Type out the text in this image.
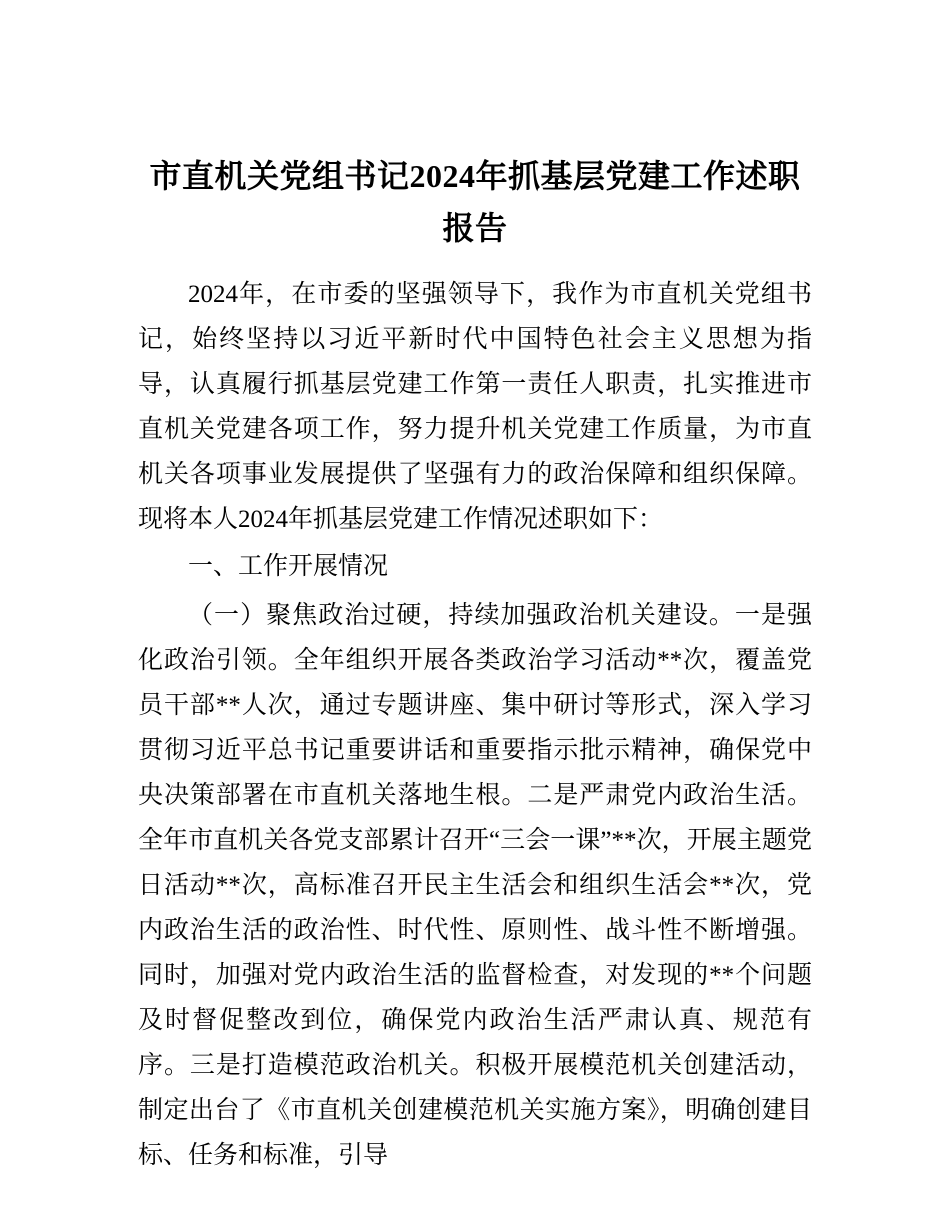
市直机关党组书记2024年抓基层党建工作述职报告

2024年，在市委的坚强领导下，我作为市直机关党组书记，始终坚持以习近平新时代中国特色社会主义思想为指导，认真履行抓基层党建工作第一责任人职责，扎实推进市直机关党建各项工作，努力提升机关党建工作质量，为市直机关各项事业发展提供了坚强有力的政治保障和组织保障。现将本人2024年抓基层党建工作情况述职如下：

一、工作开展情况

（一）聚焦政治过硬，持续加强政治机关建设。一是强化政治引领。全年组织开展各类政治学习活动**次，覆盖党员干部**人次，通过专题讲座、集中研讨等形式，深入学习贯彻习近平总书记重要讲话和重要指示批示精神，确保党中央决策部署在市直机关落地生根。二是严肃党内政治生活。全年市直机关各党支部累计召开“三会一课”**次，开展主题党日活动**次，高标准召开民主生活会和组织生活会**次，党内政治生活的政治性、时代性、原则性、战斗性不断增强。同时，加强对党内政治生活的监督检查，对发现的**个问题及时督促整改到位，确保党内政治生活严肃认真、规范有序。三是打造模范政治机关。积极开展模范机关创建活动，制定出台了《市直机关创建模范机关实施方案》，明确创建目标、任务和标准，引导
